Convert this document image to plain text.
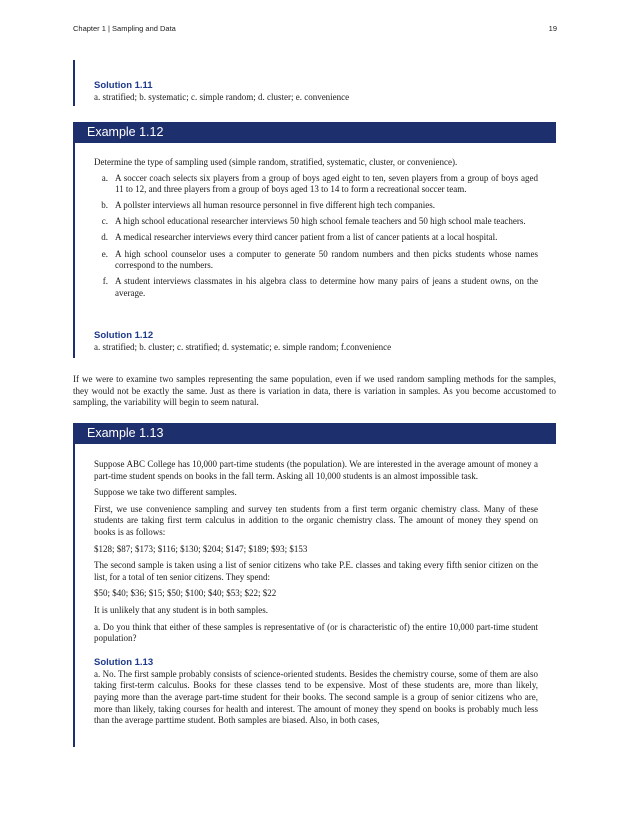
Chapter 1 | Sampling and Data	19

Solution 1.11

a. stratified; b. systematic; c. simple random; d. cluster; e. convenience

Example 1.12

Determine the type of sampling used (simple random, stratified, systematic, cluster, or convenience).

a. A soccer coach selects six players from a group of boys aged eight to ten, seven players from a group of boys aged 11 to 12, and three players from a group of boys aged 13 to 14 to form a recreational soccer team.
b. A pollster interviews all human resource personnel in five different high tech companies.
c. A high school educational researcher interviews 50 high school female teachers and 50 high school male teachers.
d. A medical researcher interviews every third cancer patient from a list of cancer patients at a local hospital.
e. A high school counselor uses a computer to generate 50 random numbers and then picks students whose names correspond to the numbers.
f. A student interviews classmates in his algebra class to determine how many pairs of jeans a student owns, on the average.

Solution 1.12

a. stratified; b. cluster; c. stratified; d. systematic; e. simple random; f.convenience

If we were to examine two samples representing the same population, even if we used random sampling methods for the samples, they would not be exactly the same. Just as there is variation in data, there is variation in samples. As you become accustomed to sampling, the variability will begin to seem natural.

Example 1.13

Suppose ABC College has 10,000 part-time students (the population). We are interested in the average amount of money a part-time student spends on books in the fall term. Asking all 10,000 students is an almost impossible task.

Suppose we take two different samples.

First, we use convenience sampling and survey ten students from a first term organic chemistry class. Many of these students are taking first term calculus in addition to the organic chemistry class. The amount of money they spend on books is as follows:

$128; $87; $173; $116; $130; $204; $147; $189; $93; $153

The second sample is taken using a list of senior citizens who take P.E. classes and taking every fifth senior citizen on the list, for a total of ten senior citizens. They spend:

$50; $40; $36; $15; $50; $100; $40; $53; $22; $22

It is unlikely that any student is in both samples.

a. Do you think that either of these samples is representative of (or is characteristic of) the entire 10,000 part-time student population?

Solution 1.13

a. No. The first sample probably consists of science-oriented students. Besides the chemistry course, some of them are also taking first-term calculus. Books for these classes tend to be expensive. Most of these students are, more than likely, paying more than the average part-time student for their books. The second sample is a group of senior citizens who are, more than likely, taking courses for health and interest. The amount of money they spend on books is probably much less than the average parttime student. Both samples are biased. Also, in both cases,
